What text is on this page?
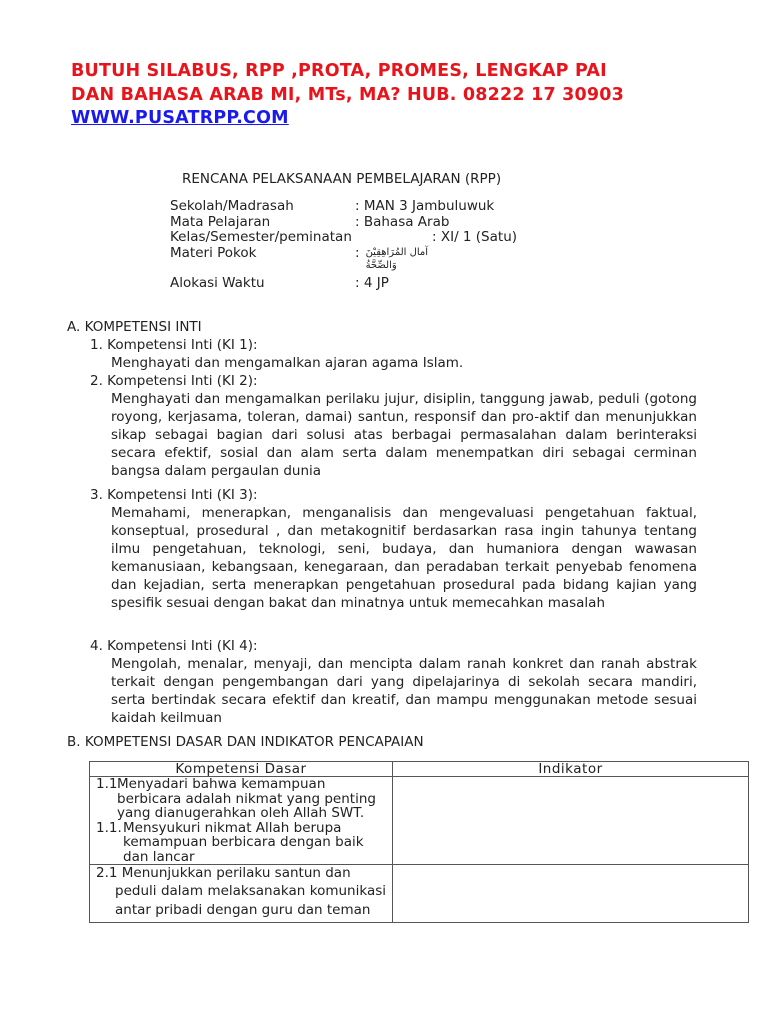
BUTUH SILABUS, RPP ,PROTA, PROMES, LENGKAP PAI
DAN BAHASA ARAB MI, MTs, MA? HUB. 08222 17 30903
WWW.PUSATRPP.COM
RENCANA PELAKSANAAN PEMBELAJARAN (RPP)
Sekolah/Madrasah	: MAN 3 Jambuluwuk
Mata Pelajaran	: Bahasa Arab
Kelas/Semester/peminatan	: XI/ 1 (Satu)
Materi Pokok	: آمال المُرَاهِقِيْنَ
وَالصِّحَّةُ
Alokasi Waktu	: 4 JP
A. KOMPETENSI INTI
1. Kompetensi Inti (KI 1):
Menghayati dan mengamalkan ajaran agama Islam.
2. Kompetensi Inti (KI 2):
Menghayati dan mengamalkan perilaku jujur, disiplin, tanggung jawab, peduli (gotong royong, kerjasama, toleran, damai) santun, responsif dan pro-aktif dan menunjukkan sikap sebagai bagian dari solusi atas berbagai permasalahan dalam berinteraksi secara efektif, sosial dan alam serta dalam menempatkan diri sebagai cerminan bangsa dalam pergaulan dunia
3. Kompetensi Inti (KI 3):
Memahami, menerapkan, menganalisis dan mengevaluasi pengetahuan faktual, konseptual, prosedural , dan metakognitif berdasarkan rasa ingin tahunya tentang ilmu pengetahuan, teknologi, seni, budaya, dan humaniora dengan wawasan kemanusiaan, kebangsaan, kenegaraan, dan peradaban terkait penyebab fenomena dan kejadian, serta menerapkan pengetahuan prosedural pada bidang kajian yang spesifik sesuai dengan bakat dan minatnya untuk memecahkan masalah
4. Kompetensi Inti (KI 4):
Mengolah, menalar, menyaji, dan mencipta dalam ranah konkret dan ranah abstrak terkait dengan pengembangan dari yang dipelajarinya di sekolah secara mandiri, serta bertindak secara efektif dan kreatif, dan mampu menggunakan metode sesuai kaidah keilmuan
B. KOMPETENSI DASAR DAN INDIKATOR PENCAPAIAN
Kompetensi Dasar	Indikator

1.1 Menyadari bahwa kemampuan berbicara adalah nikmat yang penting yang dianugerahkan oleh Allah SWT.
1.1. Mensyukuri nikmat Allah berupa kemampuan berbicara dengan baik dan lancar	

2.1 Menunjukkan perilaku santun dan
peduli dalam melaksanakan komunikasi antar pribadi dengan guru dan teman	
